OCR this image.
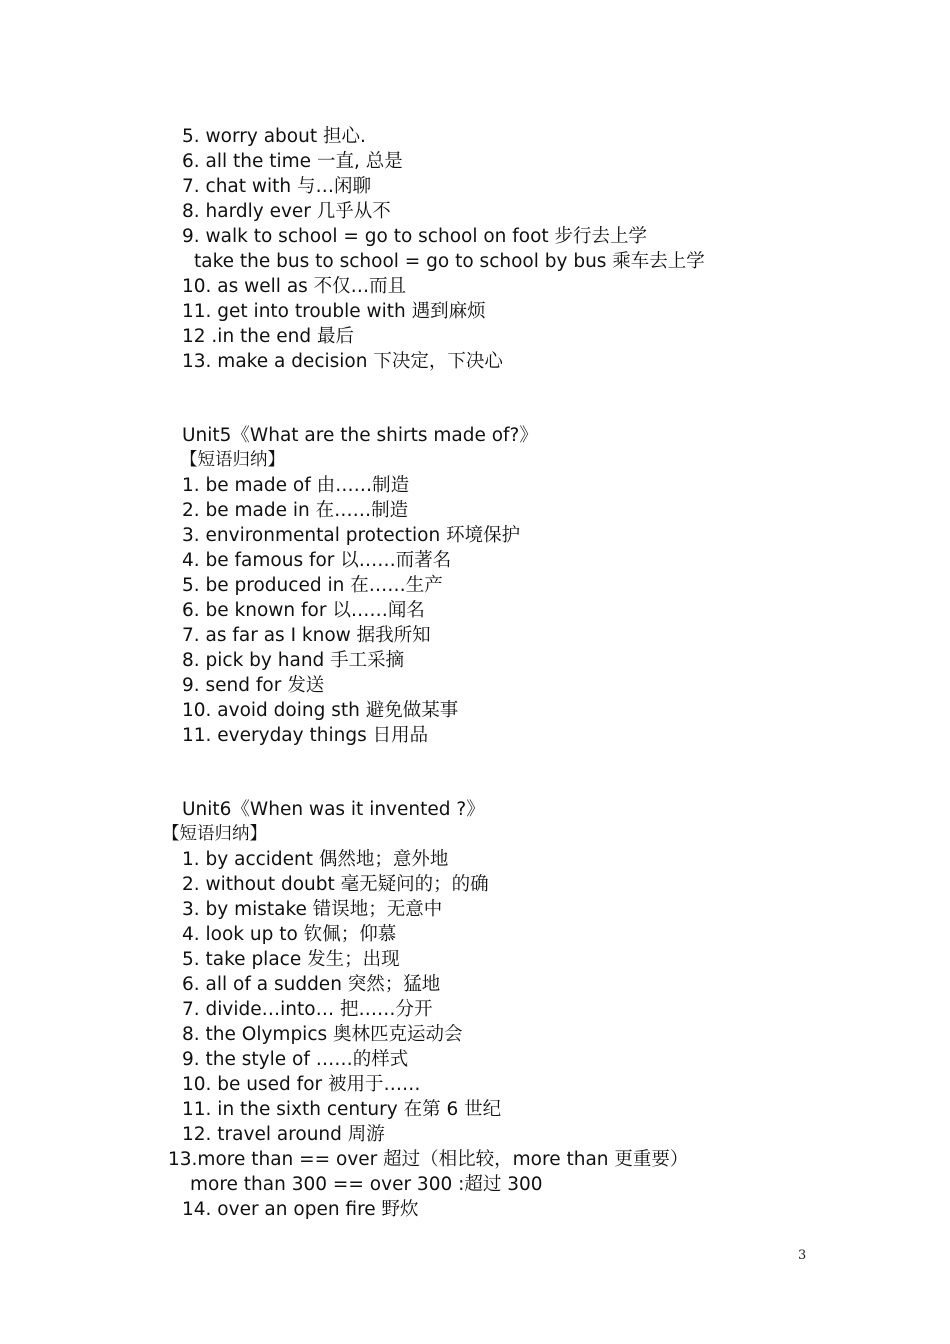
5. worry about 担心.
6. all the time 一直, 总是
7. chat with 与…闲聊
8. hardly ever 几乎从不
9. walk to school = go to school on foot 步行去上学
take the bus to school = go to school by bus 乘车去上学
10. as well as 不仅…而且
11. get into trouble with 遇到麻烦
12 .in the end 最后
13. make a decision 下决定，下决心
Unit5《What are the shirts made of?》
【短语归纳】
1. be made of 由……制造
2. be made in 在……制造
3. environmental protection 环境保护
4. be famous for 以……而著名
5. be produced in 在……生产
6. be known for 以……闻名
7. as far as I know 据我所知
8. pick by hand 手工采摘
9. send for 发送
10. avoid doing sth 避免做某事
11. everyday things 日用品
Unit6《When was it invented ?》
【短语归纳】
1. by accident 偶然地；意外地
2. without doubt 毫无疑问的；的确
3. by mistake 错误地；无意中
4. look up to 钦佩；仰慕
5. take place 发生；出现
6. all of a sudden 突然；猛地
7. divide…into… 把……分开
8. the Olympics 奥林匹克运动会
9. the style of ……的样式
10. be used for 被用于……
11. in the sixth century 在第 6 世纪
12. travel around 周游
13.more than == over 超过（相比较，more than 更重要）
more than 300 == over 300 :超过 300
14. over an open fire 野炊
3
